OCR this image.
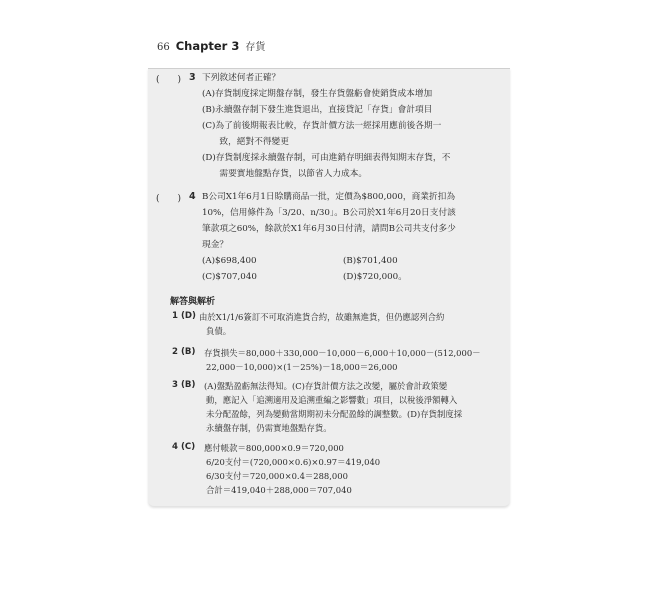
66 Chapter 3 存貨
(　　) 3 下列敘述何者正確？
(A)存貨制度採定期盤存制，發生存貨盤虧會使銷貨成本增加
(B)永續盤存制下發生進貨退出，直接貸記「存貨」會計項目
(C)為了前後期報表比較，存貨計價方法一經採用應前後各期一
　　致，絕對不得變更
(D)存貨制度採永續盤存制，可由進銷存明細表得知期末存貨，不
　　需要實地盤點存貨，以節省人力成本。
(　　) 4 B公司X1年6月1日賒購商品一批，定價為$800,000，商業折扣為
10%，信用條件為「3/20、n/30」。B公司於X1年6月20日支付該
筆款項之60%，餘款於X1年6月30日付清，請問B公司共支付多少
現金？
(A)$698,400	(B)$701,400
(C)$707,040	(D)$720,000。
解答與解析
1 (D) 由於X1/1/6簽訂不可取消進貨合約，故雖無進貨，但仍應認列合約
負債。
2 (B) 存貨損失＝80,000＋330,000－10,000－6,000＋10,000－(512,000－
22,000－10,000)×(1－25%)－18,000＝26,000
3 (B) (A)盤點盈虧無法得知。(C)存貨計價方法之改變，屬於會計政策變
動，應記入「追溯適用及追溯重編之影響數」項目，以稅後淨額轉入
未分配盈餘，列為變動當期期初未分配盈餘的調整數。(D)存貨制度採
永續盤存制，仍需實地盤點存貨。
4 (C) 應付帳款＝800,000×0.9＝720,000
6/20支付＝(720,000×0.6)×0.97＝419,040
6/30支付＝720,000×0.4＝288,000
合計＝419,040＋288,000＝707,040
